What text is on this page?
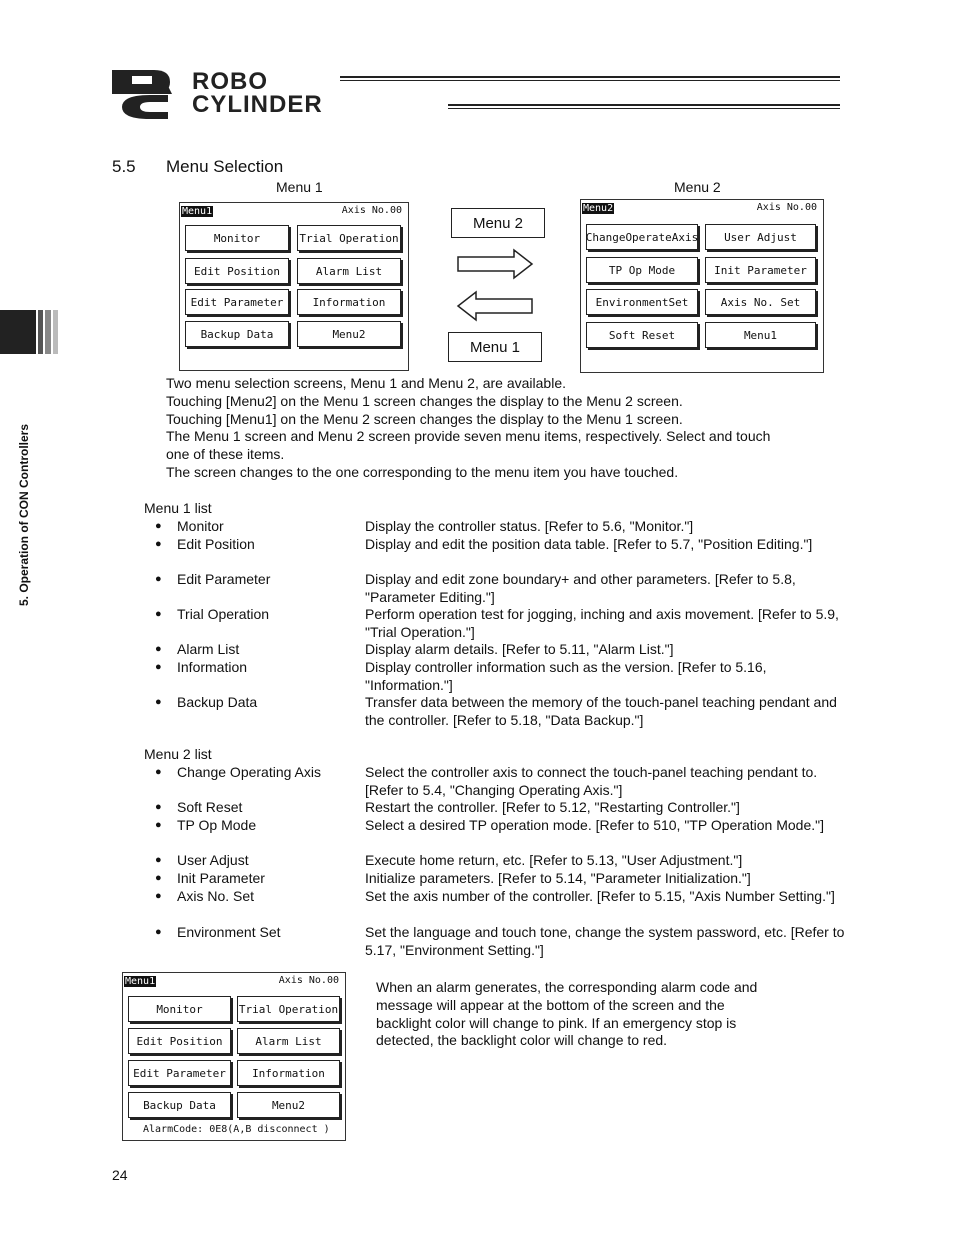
ROBO
CYLINDER
5. Operation of CON Controllers
5.5 Menu Selection
Menu 1	Menu 2
Menu1	Axis No.00
Monitor	Trial Operation
Edit Position	Alarm List
Edit Parameter	Information
Backup Data	Menu2
Menu 2
Menu 1
Menu2	Axis No.00
ChangeOperateAxis	User Adjust
TP Op Mode	Init Parameter
EnvironmentSet	Axis No. Set
Soft Reset	Menu1
Two menu selection screens, Menu 1 and Menu 2, are available.
Touching [Menu2] on the Menu 1 screen changes the display to the Menu 2 screen.
Touching [Menu1] on the Menu 2 screen changes the display to the Menu 1 screen.
The Menu 1 screen and Menu 2 screen provide seven menu items, respectively. Select and touch
one of these items.
The screen changes to the one corresponding to the menu item you have touched.
Menu 1 list
● Monitor	Display the controller status. [Refer to 5.6, "Monitor."]
● Edit Position	Display and edit the position data table. [Refer to 5.7, "Position Editing."]
● Edit Parameter	Display and edit zone boundary+ and other parameters. [Refer to 5.8, "Parameter Editing."]
● Trial Operation	Perform operation test for jogging, inching and axis movement. [Refer to 5.9, "Trial Operation."]
● Alarm List	Display alarm details. [Refer to 5.11, "Alarm List."]
● Information	Display controller information such as the version. [Refer to 5.16, "Information."]
● Backup Data	Transfer data between the memory of the touch-panel teaching pendant and the controller. [Refer to 5.18, "Data Backup."]
Menu 2 list
● Change Operating Axis	Select the controller axis to connect the touch-panel teaching pendant to. [Refer to 5.4, "Changing Operating Axis."]
● Soft Reset	Restart the controller. [Refer to 5.12, "Restarting Controller."]
● TP Op Mode	Select a desired TP operation mode. [Refer to 510, "TP Operation Mode."]
● User Adjust	Execute home return, etc. [Refer to 5.13, "User Adjustment."]
● Init Parameter	Initialize parameters. [Refer to 5.14, "Parameter Initialization."]
● Axis No. Set	Set the axis number of the controller. [Refer to 5.15, "Axis Number Setting."]
● Environment Set	Set the language and touch tone, change the system password, etc. [Refer to 5.17, "Environment Setting."]
Menu1	Axis No.00
Monitor	Trial Operation
Edit Position	Alarm List
Edit Parameter	Information
Backup Data	Menu2
AlarmCode: 0E8(A,B disconnect )
When an alarm generates, the corresponding alarm code and
message will appear at the bottom of the screen and the
backlight color will change to pink. If an emergency stop is
detected, the backlight color will change to red.
24
